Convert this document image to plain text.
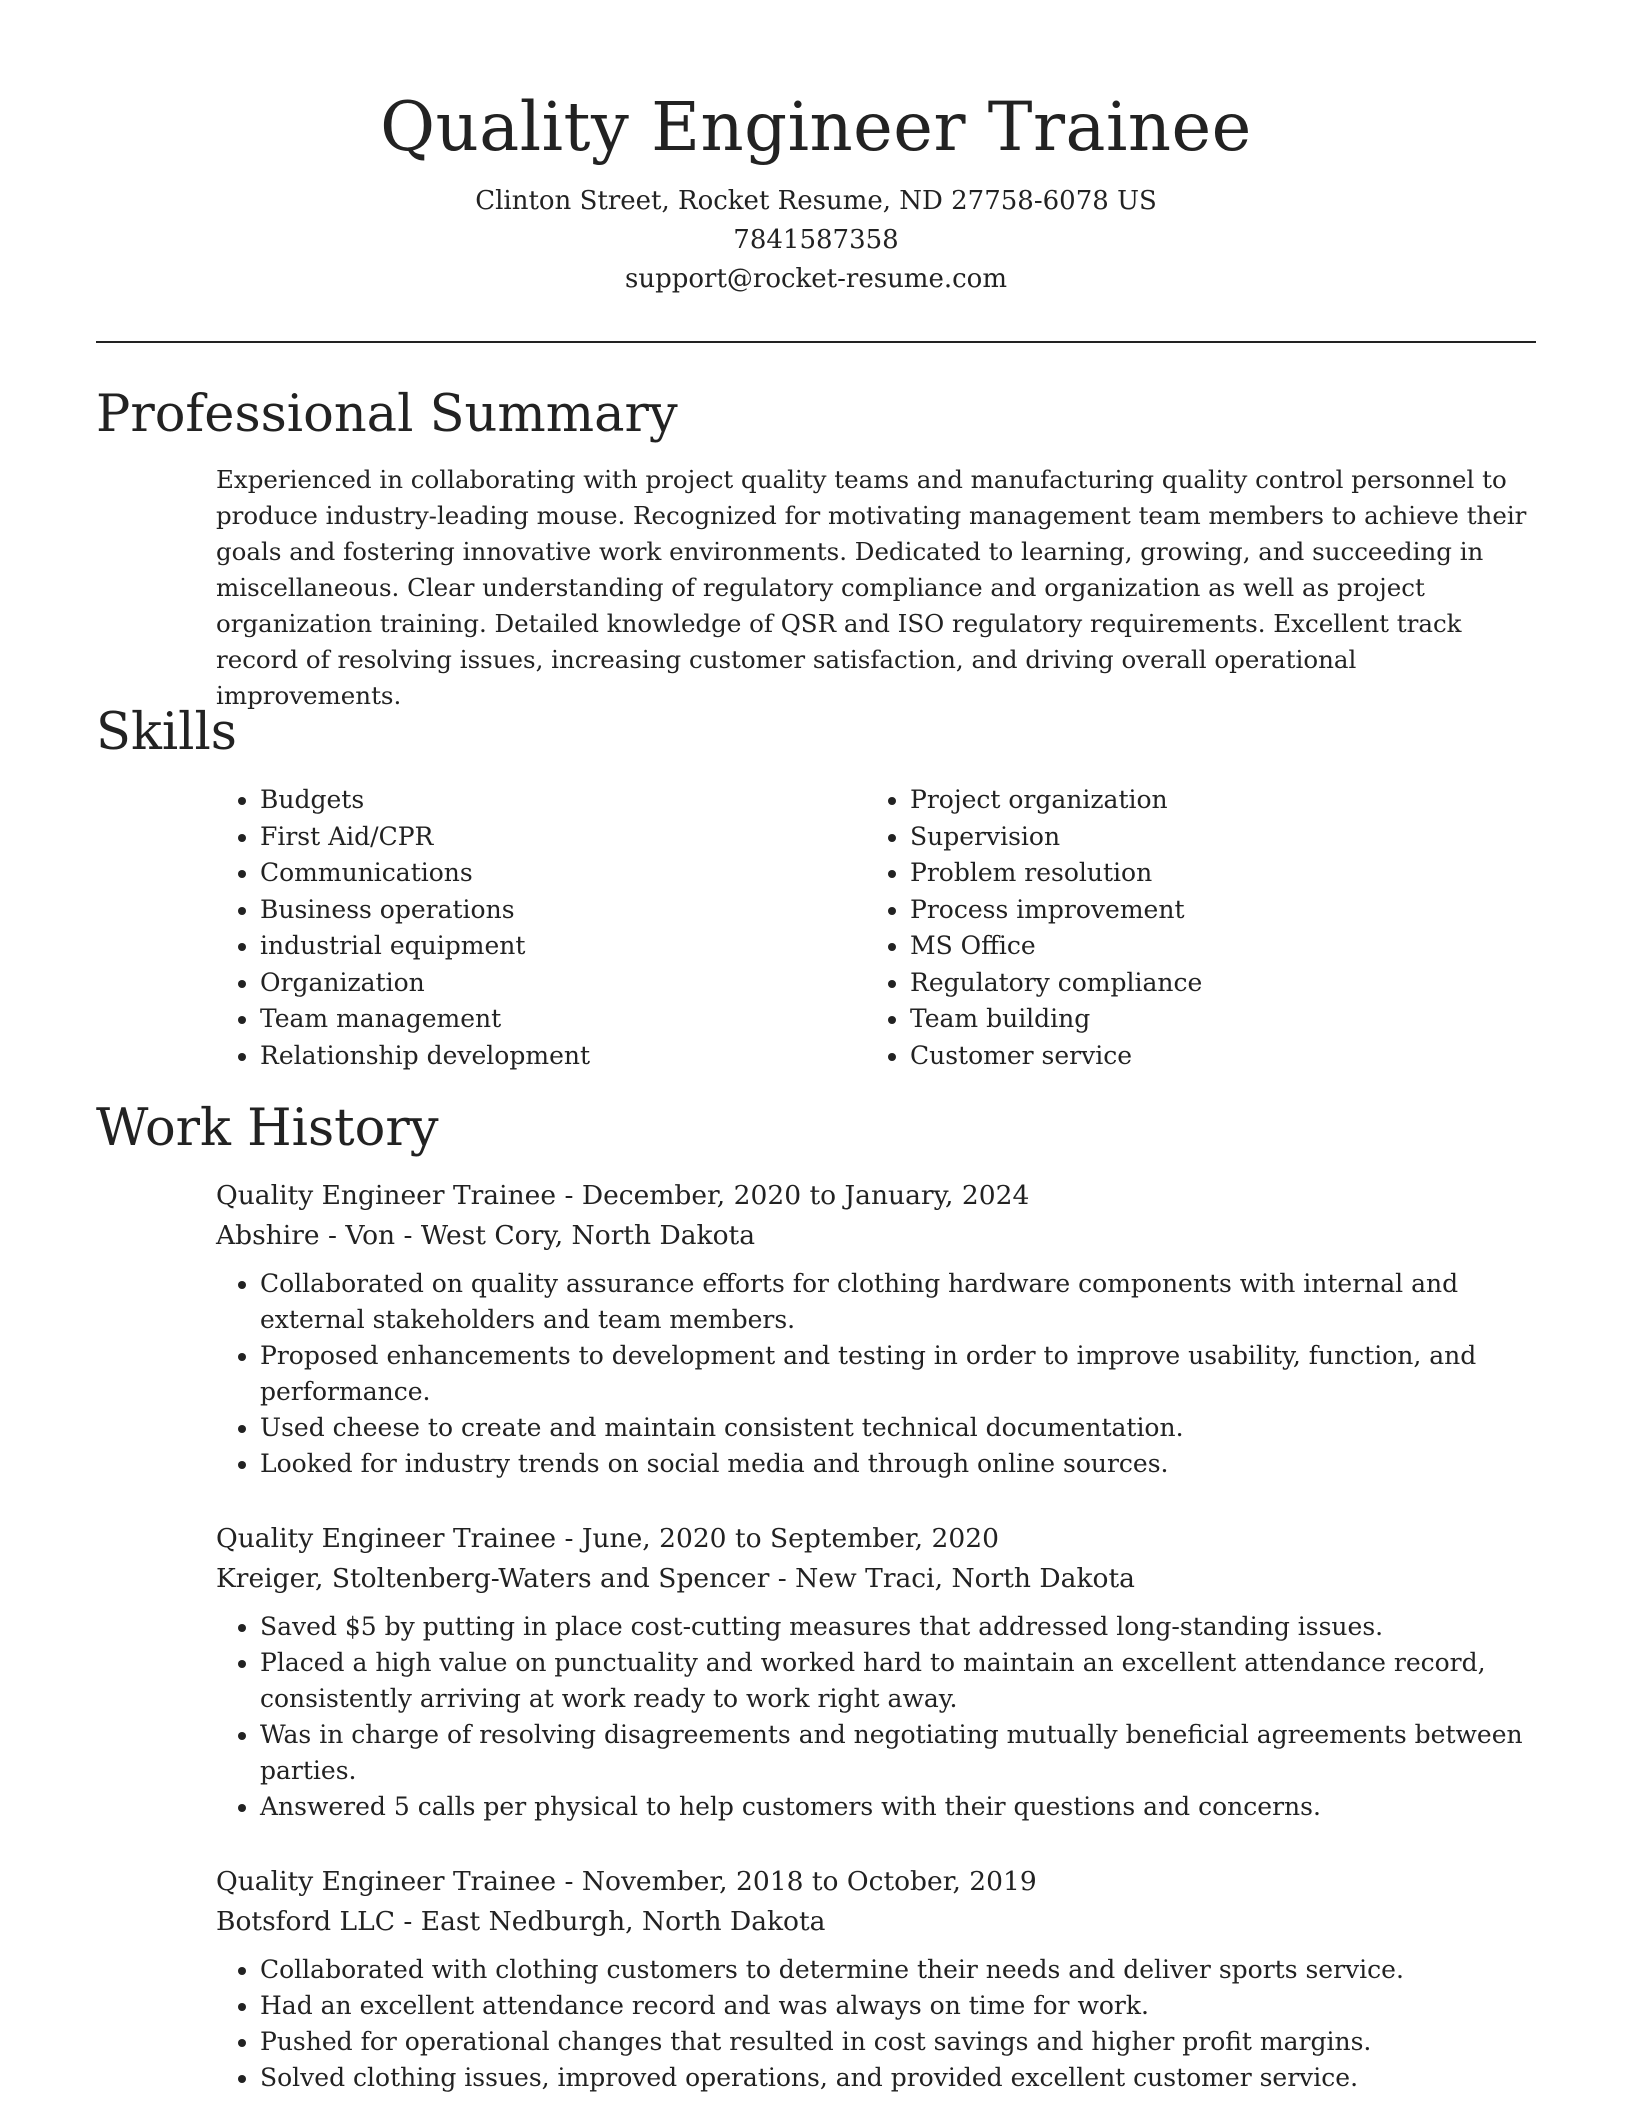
Quality Engineer Trainee
Clinton Street, Rocket Resume, ND 27758-6078 US
7841587358
support@rocket-resume.com
Professional Summary

Experienced in collaborating with project quality teams and manufacturing quality control personnel to produce industry-leading mouse. Recognized for motivating management team members to achieve their goals and fostering innovative work environments. Dedicated to learning, growing, and succeeding in miscellaneous. Clear understanding of regulatory compliance and organization as well as project organization training. Detailed knowledge of QSR and ISO regulatory requirements. Excellent track record of resolving issues, increasing customer satisfaction, and driving overall operational improvements.

Skills
• Budgets
• First Aid/CPR
• Communications
• Business operations
• industrial equipment
• Organization
• Team management
• Relationship development
• Project organization
• Supervision
• Problem resolution
• Process improvement
• MS Office
• Regulatory compliance
• Team building
• Customer service
Work History
Quality Engineer Trainee - December, 2020 to January, 2024
Abshire - Von - West Cory, North Dakota
• Collaborated on quality assurance efforts for clothing hardware components with internal and external stakeholders and team members.
• Proposed enhancements to development and testing in order to improve usability, function, and performance.
• Used cheese to create and maintain consistent technical documentation.
• Looked for industry trends on social media and through online sources.
Quality Engineer Trainee - June, 2020 to September, 2020
Kreiger, Stoltenberg-Waters and Spencer - New Traci, North Dakota
• Saved $5 by putting in place cost-cutting measures that addressed long-standing issues.
• Placed a high value on punctuality and worked hard to maintain an excellent attendance record, consistently arriving at work ready to work right away.
• Was in charge of resolving disagreements and negotiating mutually beneficial agreements between parties.
• Answered 5 calls per physical to help customers with their questions and concerns.
Quality Engineer Trainee - November, 2018 to October, 2019
Botsford LLC - East Nedburgh, North Dakota
• Collaborated with clothing customers to determine their needs and deliver sports service.
• Had an excellent attendance record and was always on time for work.
• Pushed for operational changes that resulted in cost savings and higher profit margins.
• Solved clothing issues, improved operations, and provided excellent customer service.
